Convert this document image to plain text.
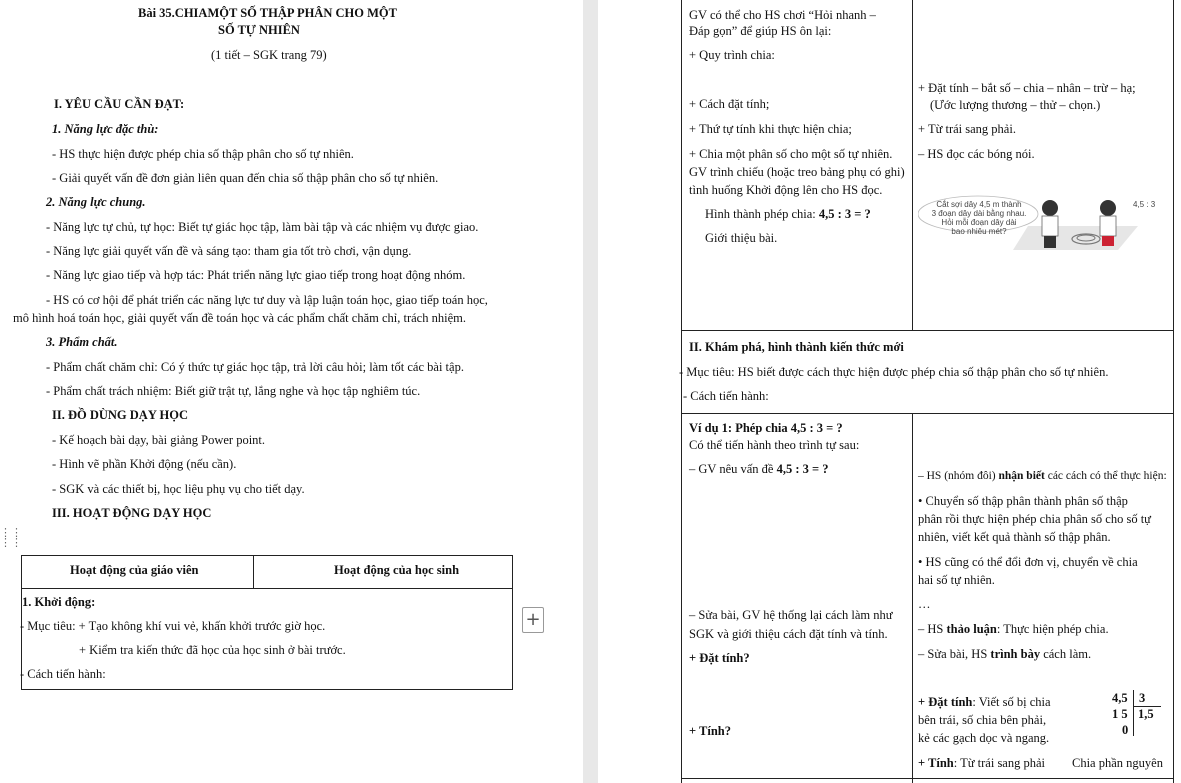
Bài 35.CHIAMỘT SỐ THẬP PHÂN CHO MỘT
SỐ TỰ NHIÊN
(1 tiết – SGK trang 79)
I. YÊU CẦU CẦN ĐẠT:
1. Năng lực đặc thù:
- HS thực hiện được phép chia số thập phân cho số tự nhiên.
- Giải quyết vấn đề đơn giản liên quan đến chia số thập phân cho số tự nhiên.
2. Năng lực chung.
- Năng lực tự chủ, tự học: Biết tự giác học tập, làm bài tập và các nhiệm vụ được giao.
- Năng lực giải quyết vấn đề và sáng tạo: tham gia tốt trò chơi, vận dụng.
- Năng lực giao tiếp và hợp tác: Phát triển năng lực giao tiếp trong hoạt động nhóm.
- HS có cơ hội để phát triển các năng lực tư duy và lập luận toán học, giao tiếp toán học,
mô hình hoá toán học, giải quyết vấn đề toán học và các phẩm chất chăm chỉ, trách nhiệm.
3. Phẩm chất.
- Phẩm chất chăm chỉ: Có ý thức tự giác học tập, trả lời câu hỏi; làm tốt các bài tập.
- Phẩm chất trách nhiệm: Biết giữ trật tự, lắng nghe và học tập nghiêm túc.
II. ĐỒ DÙNG DẠY HỌC
- Kế hoạch bài dạy, bài giảng Power point.
- Hình vẽ phần Khởi động (nếu cần).
- SGK và các thiết bị, học liệu phụ vụ cho tiết dạy.
III. HOẠT ĐỘNG DẠY HỌC
⋮⋮
⋮⋮
Hoạt động của giáo viên	Hoạt động của học sinh
1. Khởi động:
- Mục tiêu: + Tạo không khí vui vẻ, khấn khởi trước giờ học.
+ Kiểm tra kiến thức đã học của học sinh ở bài trước.
- Cách tiến hành:
+
GV có thể cho HS chơi “Hỏi nhanh –
Đáp gọn” để giúp HS ôn lại:
+ Quy trình chia:
+ Cách đặt tính;
+ Thứ tự tính khi thực hiện chia;
+ Chia một phân số cho một số tự nhiên.
GV trình chiếu (hoặc treo bảng phụ có ghi)
tình huống Khởi động lên cho HS đọc.
Hình thành phép chia: 4,5 : 3 = ?
Giới thiệu bài.
+ Đặt tính – bắt số – chia – nhân – trừ – hạ;
(Ước lượng thương – thử – chọn.)
+ Từ trái sang phải.
– HS đọc các bóng nói.
Cắt sợi dây 4,5 m thành
3 đoạn dây dài bằng nhau.
Hỏi mỗi đoạn dây dài
bao nhiêu mét?
4,5 : 3
II. Khám phá, hình thành kiến thức mới
- Mục tiêu: HS biết được cách thực hiện được phép chia số thập phân cho số tự nhiên.
- Cách tiến hành:
Ví dụ 1: Phép chia 4,5 : 3 = ?
Có thể tiến hành theo trình tự sau:
– GV nêu vấn đề 4,5 : 3 = ?	– HS (nhóm đôi) nhận biết các cách có thể thực hiện:
• Chuyển số thập phân thành phân số thập
phân rồi thực hiện phép chia phân số cho số tự
nhiên, viết kết quả thành số thập phân.
• HS cũng có thể đổi đơn vị, chuyển về chia
hai số tự nhiên.
…
– Sửa bài, GV hệ thống lại cách làm như
SGK và giới thiệu cách đặt tính và tính.
+ Đặt tính?
– HS thảo luận: Thực hiện phép chia.
– Sửa bài, HS trình bày cách làm.
+ Đặt tính: Viết số bị chia
bên trái, số chia bên phải,
kẻ các gạch dọc và ngang.
4,5 3
1 5 1,5
0
+ Tính?
+ Tính: Từ trái sang phải Chia phần nguyên
